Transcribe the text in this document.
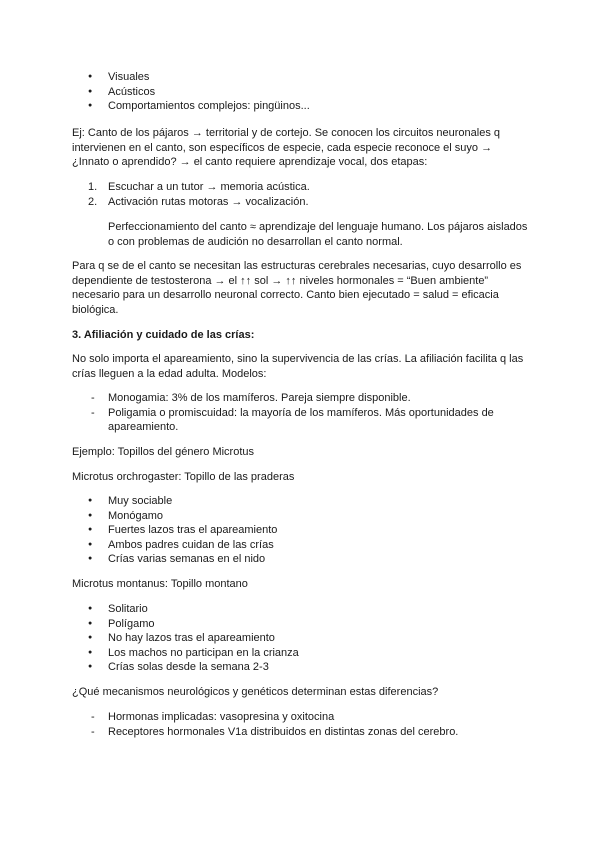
● Visuales
● Acústicos
● Comportamientos complejos: pingüinos...

Ej: Canto de los pájaros → territorial y de cortejo. Se conocen los circuitos neuronales q intervienen en el canto, son específicos de especie, cada especie reconoce el suyo → ¿Innato o aprendido? → el canto requiere aprendizaje vocal, dos etapas:

1. Escuchar a un tutor → memoria acústica.
2. Activación rutas motoras → vocalización.

Perfeccionamiento del canto ≈ aprendizaje del lenguaje humano. Los pájaros aislados o con problemas de audición no desarrollan el canto normal.

Para q se de el canto se necesitan las estructuras cerebrales necesarias, cuyo desarrollo es dependiente de testosterona → el ↑↑ sol → ↑↑ niveles hormonales = “Buen ambiente” necesario para un desarrollo neuronal correcto. Canto bien ejecutado = salud = eficacia biológica.

3. Afiliación y cuidado de las crías:

No solo importa el apareamiento, sino la supervivencia de las crías. La afiliación facilita q las crías lleguen a la edad adulta. Modelos:

- Monogamia: 3% de los mamíferos. Pareja siempre disponible.
- Poligamia o promiscuidad: la mayoría de los mamíferos. Más oportunidades de apareamiento.

Ejemplo: Topillos del género Microtus

Microtus orchrogaster: Topillo de las praderas

● Muy sociable
● Monógamo
● Fuertes lazos tras el apareamiento
● Ambos padres cuidan de las crías
● Crías varias semanas en el nido

Microtus montanus: Topillo montano

● Solitario
● Polígamo
● No hay lazos tras el apareamiento
● Los machos no participan en la crianza
● Crías solas desde la semana 2-3

¿Qué mecanismos neurológicos y genéticos determinan estas diferencias?

- Hormonas implicadas: vasopresina y oxitocina
- Receptores hormonales V1a distribuidos en distintas zonas del cerebro.
